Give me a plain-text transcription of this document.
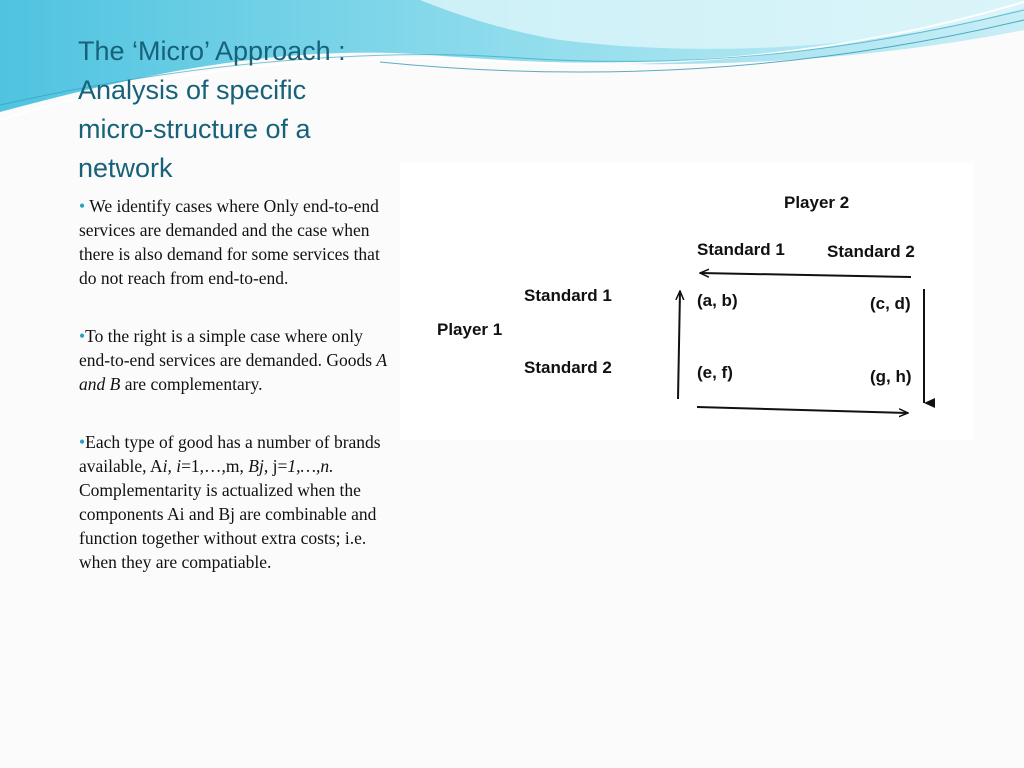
The ‘Micro’ Approach :
Analysis of specific
micro-structure of a
network

• We identify cases where Only end-to-end services are demanded and the case when there is also demand for some services that do not reach from end-to-end.

•To the right is a simple case where only end-to-end services are demanded. Goods A and B are complementary.

•Each type of good has a number of brands available, Ai, i=1,…,m, Bj, j=1,…,n. Complementarity is actualized when the components Ai and Bj are combinable and function together without extra costs; i.e. when they are compatiable.

Player 2
Standard 1 Standard 2
Standard 1
Player 1
Standard 2
(a, b)	(c, d)
(e, f)	(g, h)
